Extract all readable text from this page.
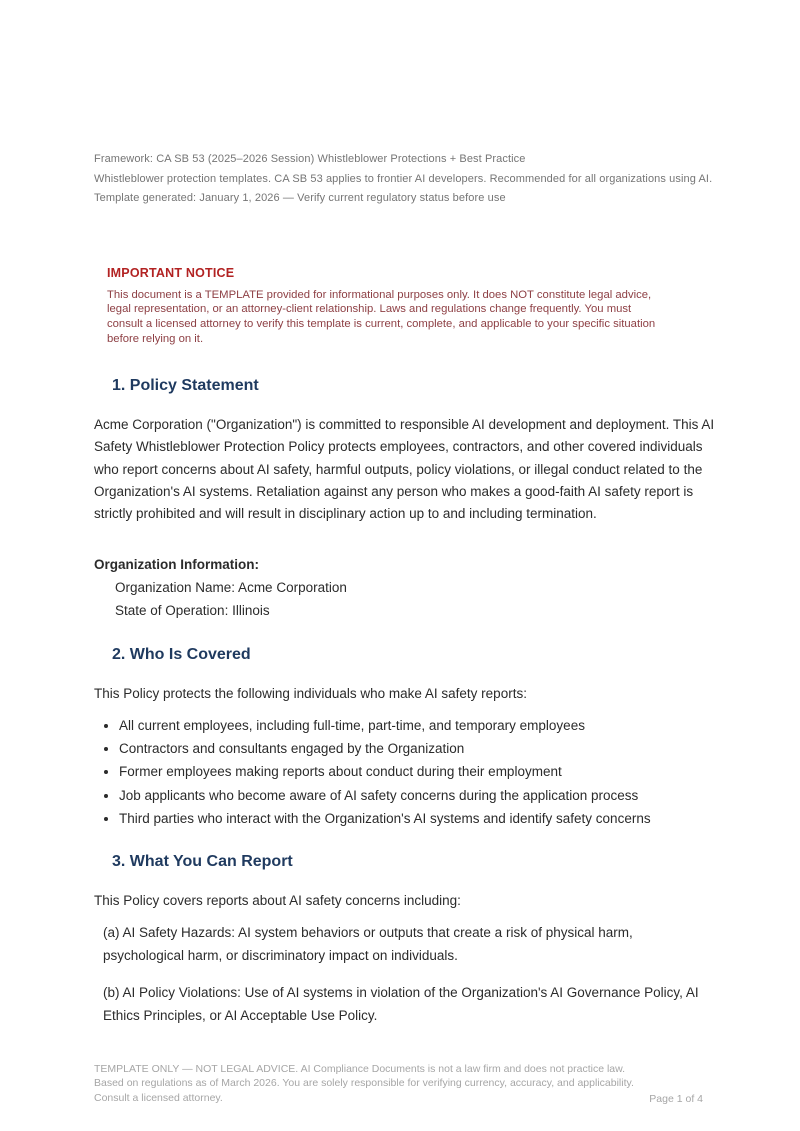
Framework: CA SB 53 (2025–2026 Session) Whistleblower Protections + Best Practice

Whistleblower protection templates. CA SB 53 applies to frontier AI developers. Recommended for all organizations using AI.

Template generated: January 1, 2026 — Verify current regulatory status before use

IMPORTANT NOTICE

This document is a TEMPLATE provided for informational purposes only. It does NOT constitute legal advice, legal representation, or an attorney-client relationship. Laws and regulations change frequently. You must consult a licensed attorney to verify this template is current, complete, and applicable to your specific situation before relying on it.

1. Policy Statement

Acme Corporation ("Organization") is committed to responsible AI development and deployment. This AI Safety Whistleblower Protection Policy protects employees, contractors, and other covered individuals who report concerns about AI safety, harmful outputs, policy violations, or illegal conduct related to the Organization's AI systems. Retaliation against any person who makes a good-faith AI safety report is strictly prohibited and will result in disciplinary action up to and including termination.

Organization Information:

Organization Name: Acme Corporation

State of Operation: Illinois

2. Who Is Covered

This Policy protects the following individuals who make AI safety reports:

• All current employees, including full-time, part-time, and temporary employees
• Contractors and consultants engaged by the Organization
• Former employees making reports about conduct during their employment
• Job applicants who become aware of AI safety concerns during the application process
• Third parties who interact with the Organization's AI systems and identify safety concerns
3. What You Can Report

This Policy covers reports about AI safety concerns including:

(a) AI Safety Hazards: AI system behaviors or outputs that create a risk of physical harm, psychological harm, or discriminatory impact on individuals.

(b) AI Policy Violations: Use of AI systems in violation of the Organization's AI Governance Policy, AI Ethics Principles, or AI Acceptable Use Policy.

TEMPLATE ONLY — NOT LEGAL ADVICE. AI Compliance Documents is not a law firm and does not practice law. Based on regulations as of March 2026. You are solely responsible for verifying currency, accuracy, and applicability. Consult a licensed attorney.	Page 1 of 4
